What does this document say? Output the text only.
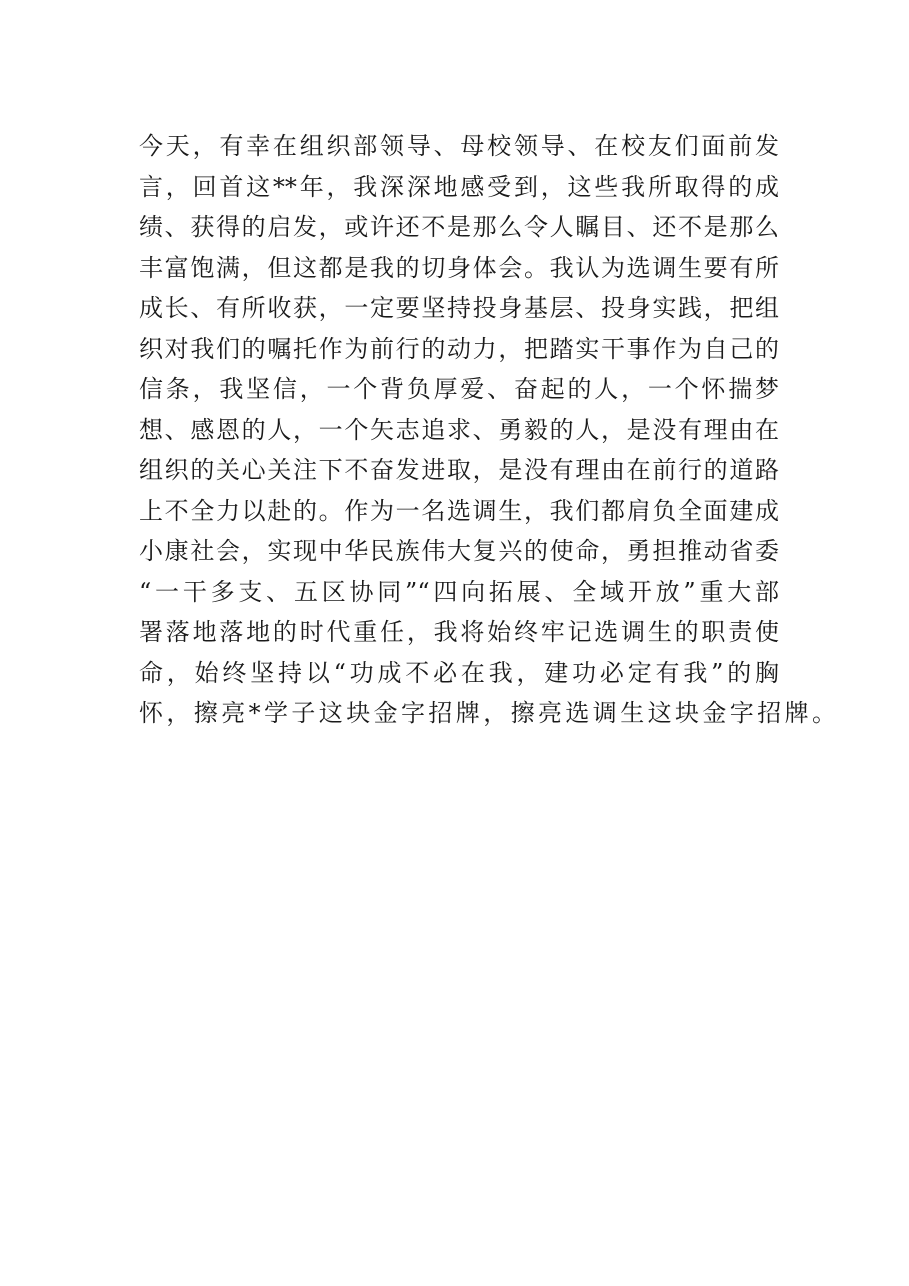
今天，有幸在组织部领导、母校领导、在校友们面前发
言，回首这**年，我深深地感受到，这些我所取得的成
绩、获得的启发，或许还不是那么令人瞩目、还不是那么
丰富饱满，但这都是我的切身体会。我认为选调生要有所
成长、有所收获，一定要坚持投身基层、投身实践，把组
织对我们的嘱托作为前行的动力，把踏实干事作为自己的
信条，我坚信，一个背负厚爱、奋起的人，一个怀揣梦
想、感恩的人，一个矢志追求、勇毅的人，是没有理由在
组织的关心关注下不奋发进取，是没有理由在前行的道路
上不全力以赴的。作为一名选调生，我们都肩负全面建成
小康社会，实现中华民族伟大复兴的使命，勇担推动省委
“一干多支、五区协同”“四向拓展、全域开放”重大部
署落地落地的时代重任，我将始终牢记选调生的职责使
命，始终坚持以“功成不必在我，建功必定有我”的胸
怀，擦亮*学子这块金字招牌，擦亮选调生这块金字招牌。
